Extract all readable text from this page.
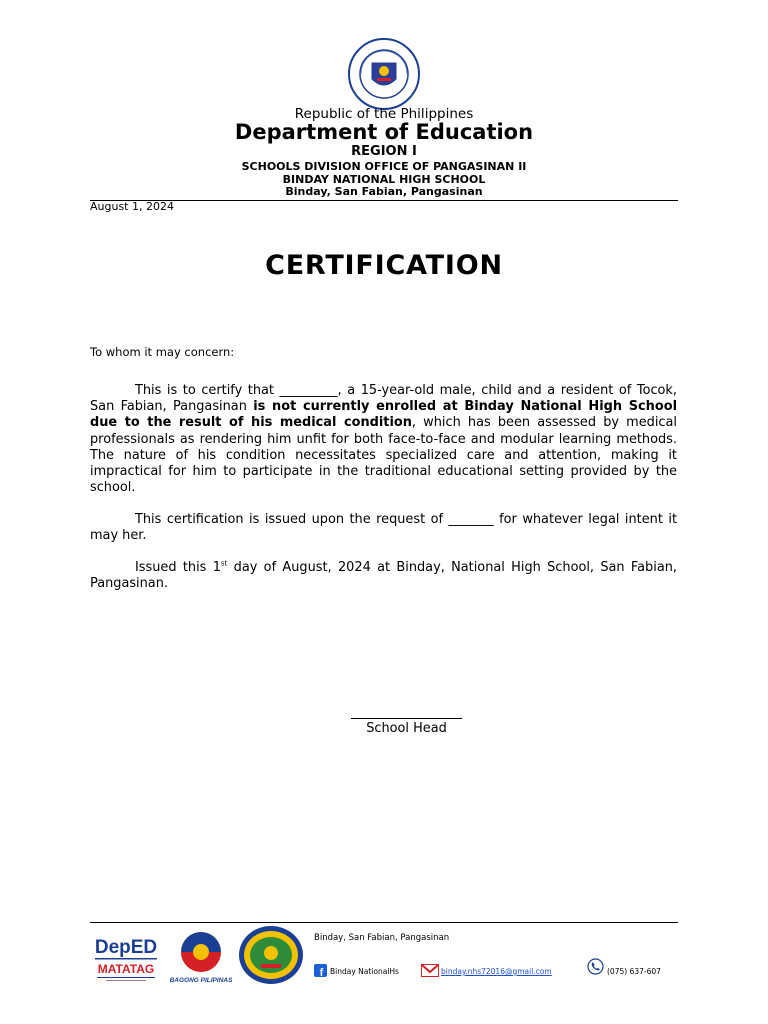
Republic of the Philippines
Department of Education
REGION I
SCHOOLS DIVISION OFFICE OF PANGASINAN II
BINDAY NATIONAL HIGH SCHOOL
Binday, San Fabian, Pangasinan
August 1, 2024
CERTIFICATION
To whom it may concern:
This is to certify that _________, a 15-year-old male, child and a resident of Tocok, San Fabian, Pangasinan is not currently enrolled at Binday National High School due to the result of his medical condition, which has been assessed by medical professionals as rendering him unfit for both face-to-face and modular learning methods. The nature of his condition necessitates specialized care and attention, making it impractical for him to participate in the traditional educational setting provided by the school.
This certification is issued upon the request of _______ for whatever legal intent it may her.
Issued this 1st day of August, 2024 at Binday, National High School, San Fabian, Pangasinan.
School Head
DepED
MATATAG
BAGONG PILIPINAS
Binday, San Fabian, Pangasinan
f Binday NationalHs	binday.nhs72016@gmail.com	(075) 637-607
